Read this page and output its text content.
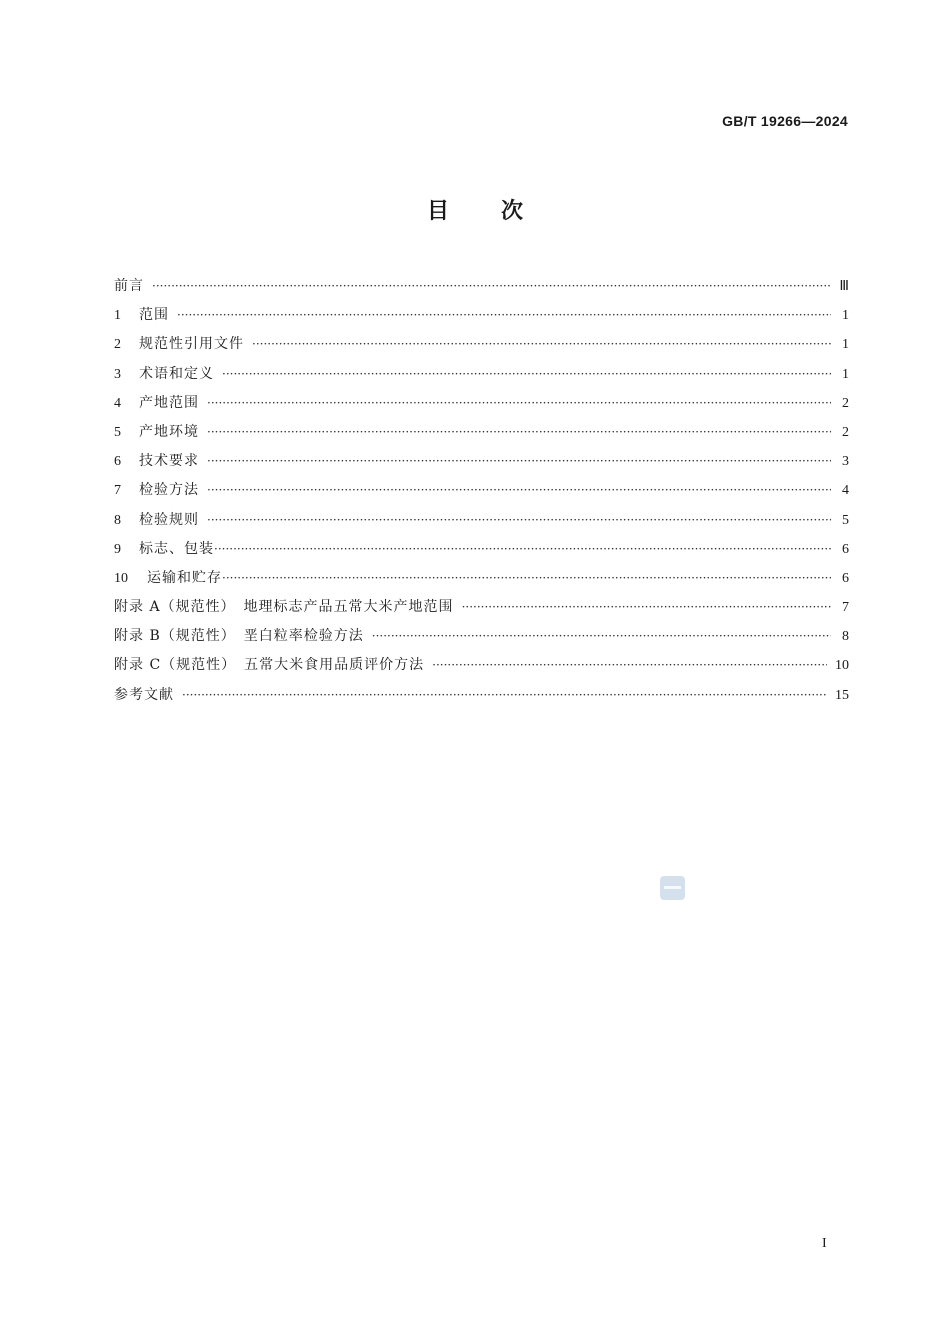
GB/T 19266—2024
目 次
前言 ·····	Ⅲ
1	范围 ·····	1
2	规范性引用文件 ·····	1
3	术语和定义 ·····	1
4	产地范围 ·····	2
5	产地环境 ·····	2
6	技术要求 ·····	3
7	检验方法 ·····	4
8	检验规则 ·····	5
9	标志、包装 ·····	6
10	运输和贮存 ·····	6
附录 A（规范性）　地理标志产品五常大米产地范围 ·····	7
附录 B（规范性）　垩白粒率检验方法 ·····	8
附录 C（规范性）　五常大米食用品质评价方法 ·····	10
参考文献 ·····	15
I
